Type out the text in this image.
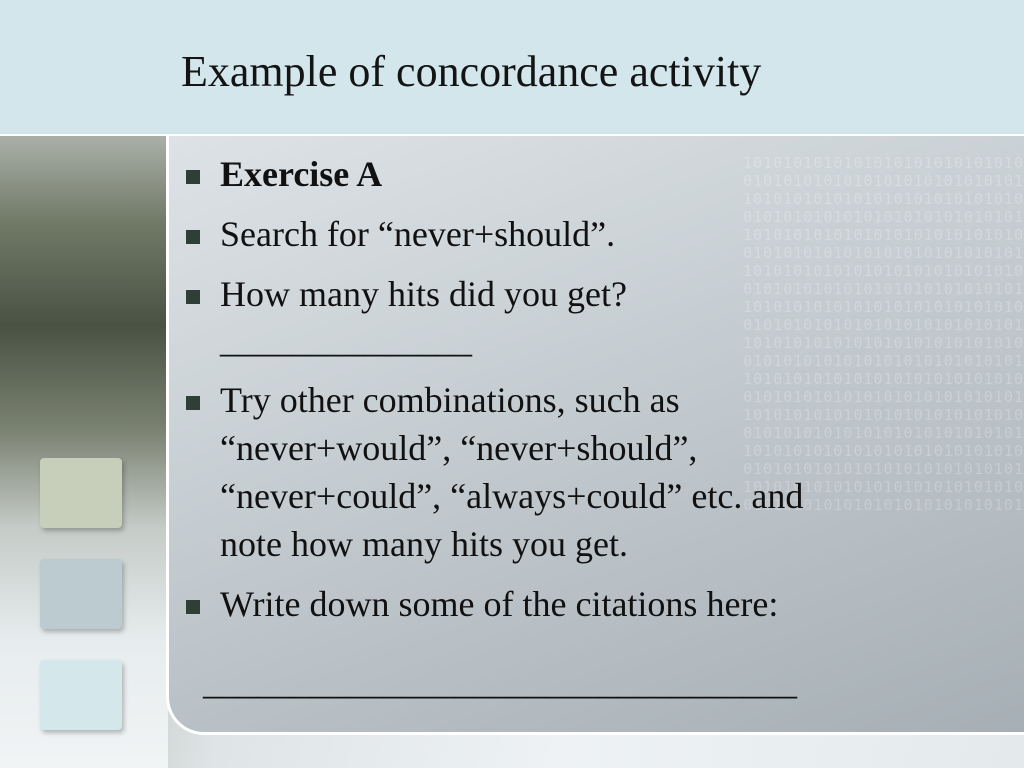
Example of concordance activity

1010101010101010101010101010
0101010101010101010101010101
1010101010101010101010101010
0101010101010101010101010101
1010101010101010101010101010
0101010101010101010101010101
1010101010101010101010101010
0101010101010101010101010101
1010101010101010101010101010
0101010101010101010101010101
1010101010101010101010101010
0101010101010101010101010101
1010101010101010101010101010
0101010101010101010101010101
1010101010101010101010101010
0101010101010101010101010101
1010101010101010101010101010
0101010101010101010101010101
1010101010101010101010101010
0101010101010101010101010101

Exercise A
Search for “never+should”.
How many hits did you get?
______________
Try other combinations, such as
“never+would”, “never+should”,
“never+could”, “always+could” etc. and
note how many hits you get.
Write down some of the citations here:
_________________________________
